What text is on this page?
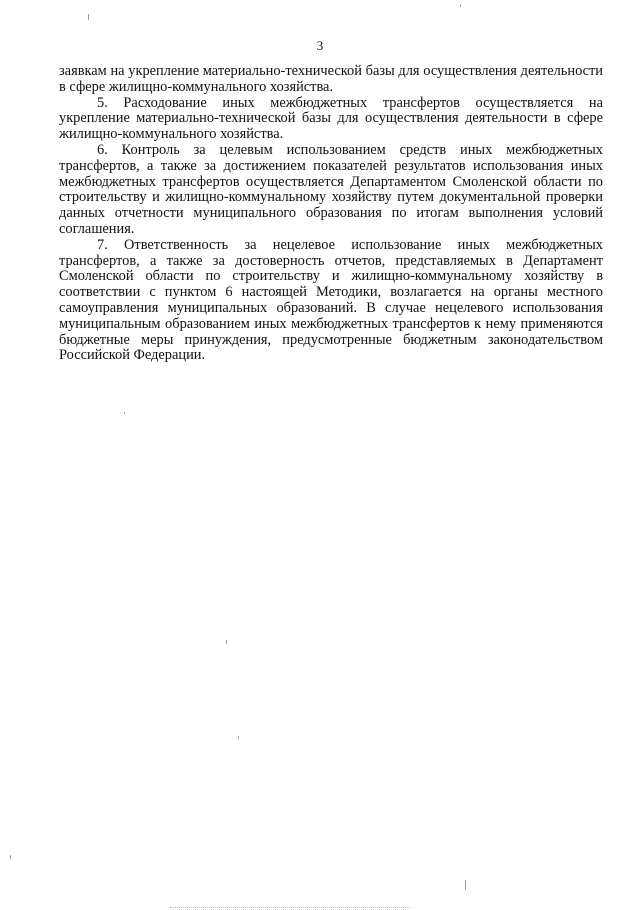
3

заявкам на укрепление материально-технической базы для осуществления деятельности в сфере жилищно-коммунального хозяйства.

5. Расходование иных межбюджетных трансфертов осуществляется на укрепление материально-технической базы для осуществления деятельности в сфере жилищно-коммунального хозяйства.

6. Контроль за целевым использованием средств иных межбюджетных трансфертов, а также за достижением показателей результатов использования иных межбюджетных трансфертов осуществляется Департаментом Смоленской области по строительству и жилищно-коммунальному хозяйству путем документальной проверки данных отчетности муниципального образования по итогам выполнения условий соглашения.

7. Ответственность за нецелевое использование иных межбюджетных трансфертов, а также за достоверность отчетов, представляемых в Департамент Смоленской области по строительству и жилищно-коммунальному хозяйству в соответствии с пунктом 6 настоящей Методики, возлагается на органы местного самоуправления муниципальных образований. В случае нецелевого использования муниципальным образованием иных межбюджетных трансфертов к нему применяются бюджетные меры принуждения, предусмотренные бюджетным законодательством Российской Федерации.
